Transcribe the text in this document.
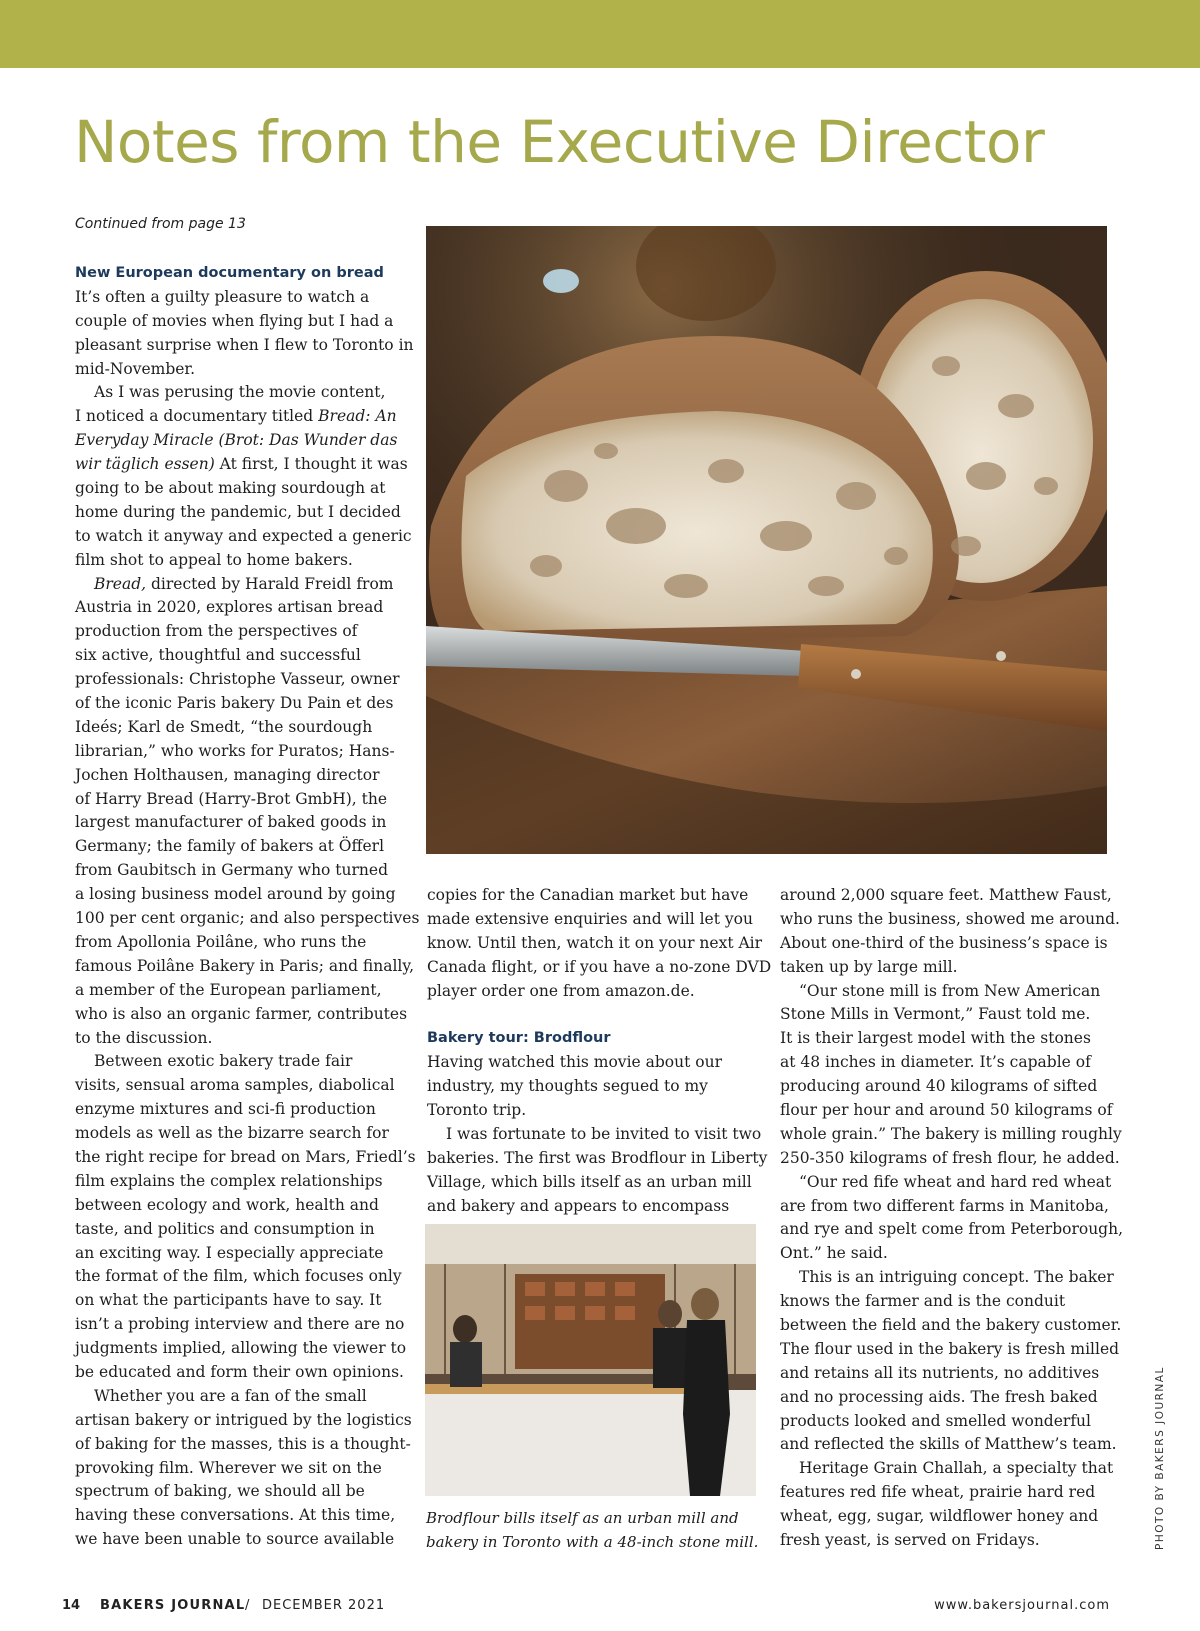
Notes from the Executive Director
Continued from page 13
New European documentary on bread
It’s often a guilty pleasure to watch a
couple of movies when flying but I had a
pleasant surprise when I flew to Toronto in
mid-November.
As I was perusing the movie content,
I noticed a documentary titled Bread: An
Everyday Miracle (Brot: Das Wunder das
wir täglich essen) At first, I thought it was
going to be about making sourdough at
home during the pandemic, but I decided
to watch it anyway and expected a generic
film shot to appeal to home bakers.
Bread, directed by Harald Freidl from
Austria in 2020, explores artisan bread
production from the perspectives of
six active, thoughtful and successful
professionals: Christophe Vasseur, owner
of the iconic Paris bakery Du Pain et des
Ideés; Karl de Smedt, “the sourdough
librarian,” who works for Puratos; Hans-
Jochen Holthausen, managing director
of Harry Bread (Harry-Brot GmbH), the
largest manufacturer of baked goods in
Germany; the family of bakers at Öfferl
from Gaubitsch in Germany who turned
a losing business model around by going
100 per cent organic; and also perspectives
from Apollonia Poilâne, who runs the
famous Poilâne Bakery in Paris; and finally,
a member of the European parliament,
who is also an organic farmer, contributes
to the discussion.
Between exotic bakery trade fair
visits, sensual aroma samples, diabolical
enzyme mixtures and sci-fi production
models as well as the bizarre search for
the right recipe for bread on Mars, Friedl’s
film explains the complex relationships
between ecology and work, health and
taste, and politics and consumption in
an exciting way. I especially appreciate
the format of the film, which focuses only
on what the participants have to say. It
isn’t a probing interview and there are no
judgments implied, allowing the viewer to
be educated and form their own opinions.
Whether you are a fan of the small
artisan bakery or intrigued by the logistics
of baking for the masses, this is a thought-
provoking film. Wherever we sit on the
spectrum of baking, we should all be
having these conversations. At this time,
we have been unable to source available
copies for the Canadian market but have
made extensive enquiries and will let you
know. Until then, watch it on your next Air
Canada flight, or if you have a no-zone DVD
player order one from amazon.de.
Bakery tour: Brodflour
Having watched this movie about our
industry, my thoughts segued to my
Toronto trip.
I was fortunate to be invited to visit two
bakeries. The first was Brodflour in Liberty
Village, which bills itself as an urban mill
and bakery and appears to encompass
Brodflour bills itself as an urban mill and
bakery in Toronto with a 48-inch stone mill.
around 2,000 square feet. Matthew Faust,
who runs the business, showed me around.
About one-third of the business’s space is
taken up by large mill.
“Our stone mill is from New American
Stone Mills in Vermont,” Faust told me.
It is their largest model with the stones
at 48 inches in diameter. It’s capable of
producing around 40 kilograms of sifted
flour per hour and around 50 kilograms of
whole grain.” The bakery is milling roughly
250-350 kilograms of fresh flour, he added.
“Our red fife wheat and hard red wheat
are from two different farms in Manitoba,
and rye and spelt come from Peterborough,
Ont.” he said.
This is an intriguing concept. The baker
knows the farmer and is the conduit
between the field and the bakery customer.
The flour used in the bakery is fresh milled
and retains all its nutrients, no additives
and no processing aids. The fresh baked
products looked and smelled wonderful
and reflected the skills of Matthew’s team.
Heritage Grain Challah, a specialty that
features red fife wheat, prairie hard red
wheat, egg, sugar, wildflower honey and
fresh yeast, is served on Fridays.	PHOTO BY BAKERS JOURNAL
14 BAKERS JOURNAL / DECEMBER 2021	www.bakersjournal.com
